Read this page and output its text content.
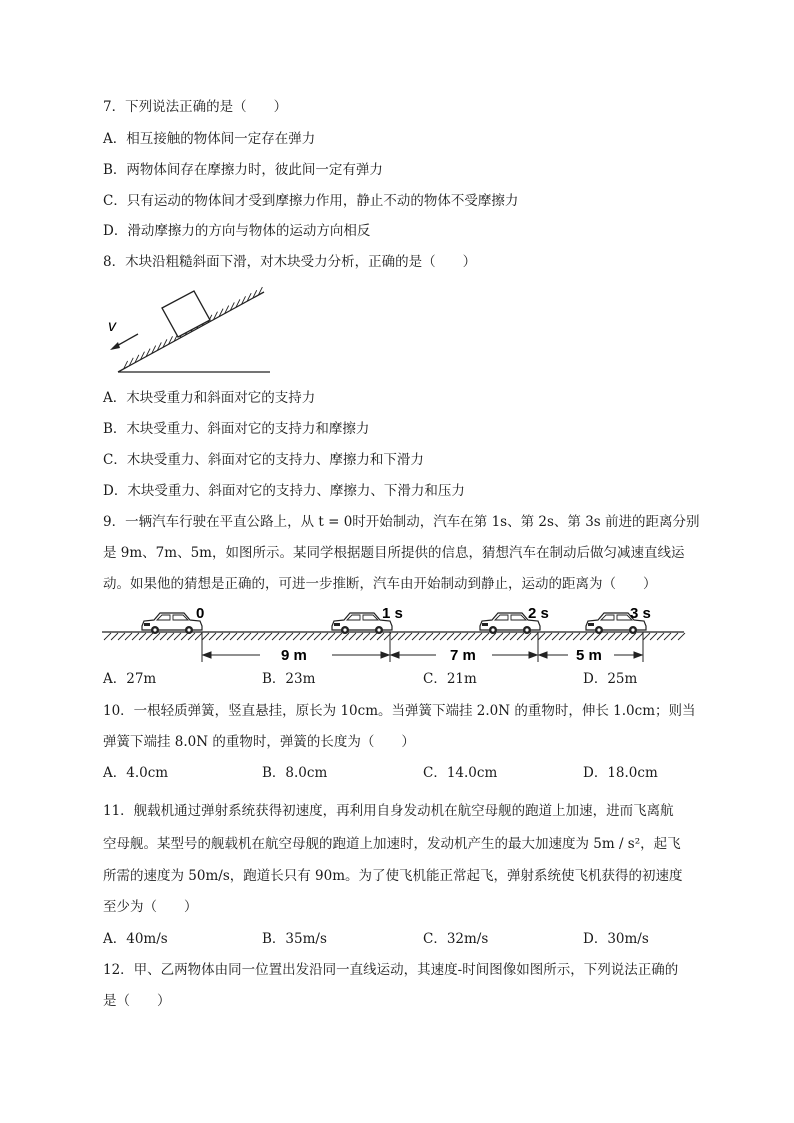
7．下列说法正确的是（　　）
A．相互接触的物体间一定存在弹力
B．两物体间存在摩擦力时，彼此间一定有弹力
C．只有运动的物体间才受到摩擦力作用，静止不动的物体不受摩擦力
D．滑动摩擦力的方向与物体的运动方向相反
8．木块沿粗糙斜面下滑，对木块受力分析，正确的是（　　）
v
A．木块受重力和斜面对它的支持力
B．木块受重力、斜面对它的支持力和摩擦力
C．木块受重力、斜面对它的支持力、摩擦力和下滑力
D．木块受重力、斜面对它的支持力、摩擦力、下滑力和压力
9．一辆汽车行驶在平直公路上，从 t = 0时开始制动，汽车在第 1s、第 2s、第 3s 前进的距离分别
是 9m、7m、5m，如图所示。某同学根据题目所提供的信息，猜想汽车在制动后做匀减速直线运
动。如果他的猜想是正确的，可进一步推断，汽车由开始制动到静止，运动的距离为（　　）
0	1 s	2 s	3 s
9 m	7 m	5 m
A．27m	B．23m	C．21m	D．25m
10．一根轻质弹簧，竖直悬挂，原长为 10cm。当弹簧下端挂 2.0N 的重物时，伸长 1.0cm；则当
弹簧下端挂 8.0N 的重物时，弹簧的长度为（　　）
A．4.0cm	B．8.0cm	C．14.0cm	D．18.0cm
11．舰载机通过弹射系统获得初速度，再利用自身发动机在航空母舰的跑道上加速，进而飞离航
空母舰。某型号的舰载机在航空母舰的跑道上加速时，发动机产生的最大加速度为 5m / s²，起飞
所需的速度为 50m/s，跑道长只有 90m。为了使飞机能正常起飞，弹射系统使飞机获得的初速度
至少为（　　）
A．40m/s	B．35m/s	C．32m/s	D．30m/s
12．甲、乙两物体由同一位置出发沿同一直线运动，其速度-时间图像如图所示，下列说法正确的
是（　　）
